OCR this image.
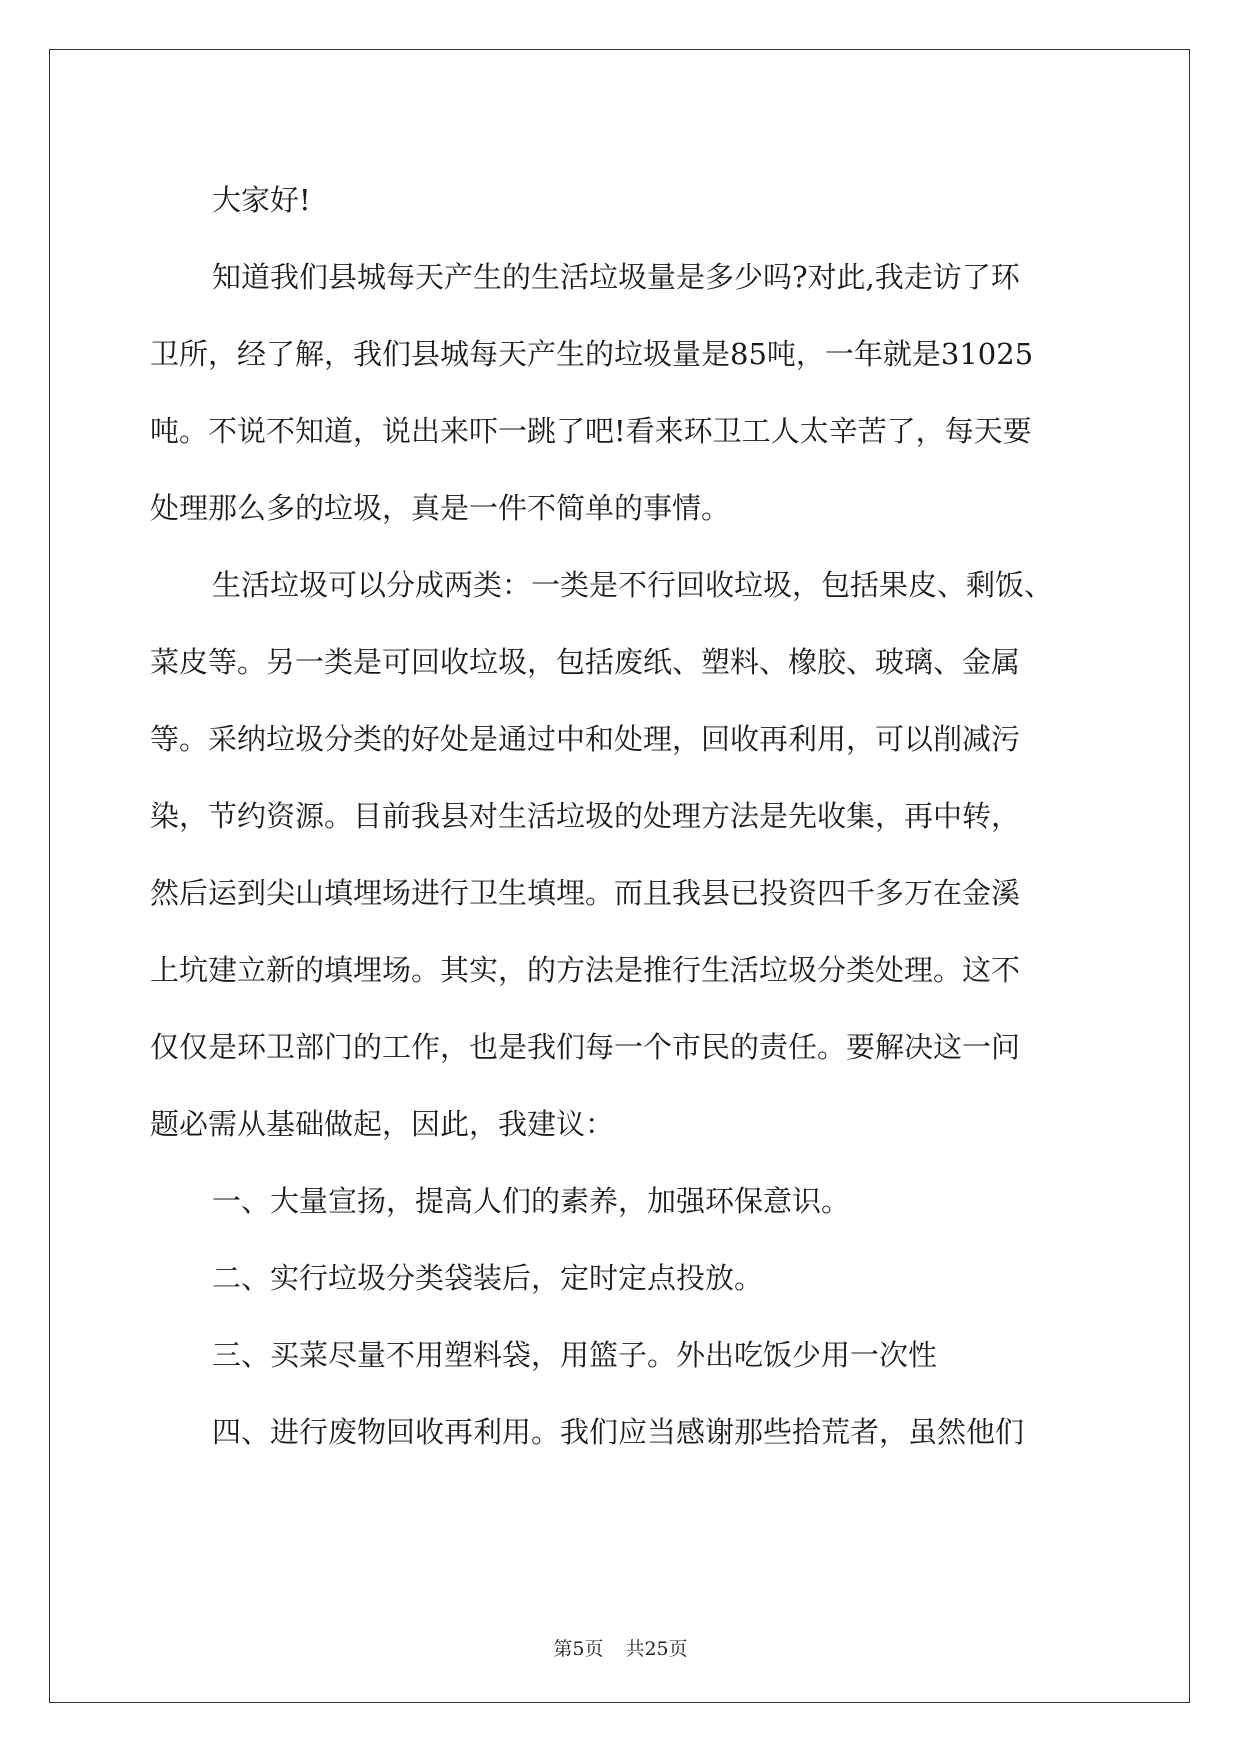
大家好!
知道我们县城每天产生的生活垃圾量是多少吗?对此,我走访了环
卫所，经了解，我们县城每天产生的垃圾量是85吨，一年就是31025
吨。不说不知道，说出来吓一跳了吧!看来环卫工人太辛苦了，每天要
处理那么多的垃圾，真是一件不简单的事情。
生活垃圾可以分成两类：一类是不行回收垃圾，包括果皮、剩饭、
菜皮等。另一类是可回收垃圾，包括废纸、塑料、橡胶、玻璃、金属
等。采纳垃圾分类的好处是通过中和处理，回收再利用，可以削减污
染，节约资源。目前我县对生活垃圾的处理方法是先收集，再中转，
然后运到尖山填埋场进行卫生填埋。而且我县已投资四千多万在金溪
上坑建立新的填埋场。其实，的方法是推行生活垃圾分类处理。这不
仅仅是环卫部门的工作，也是我们每一个市民的责任。要解决这一问
题必需从基础做起，因此，我建议：
一、大量宣扬，提高人们的素养，加强环保意识。
二、实行垃圾分类袋装后，定时定点投放。
三、买菜尽量不用塑料袋，用篮子。外出吃饭少用一次性
四、进行废物回收再利用。我们应当感谢那些拾荒者，虽然他们
第5页 共25页
